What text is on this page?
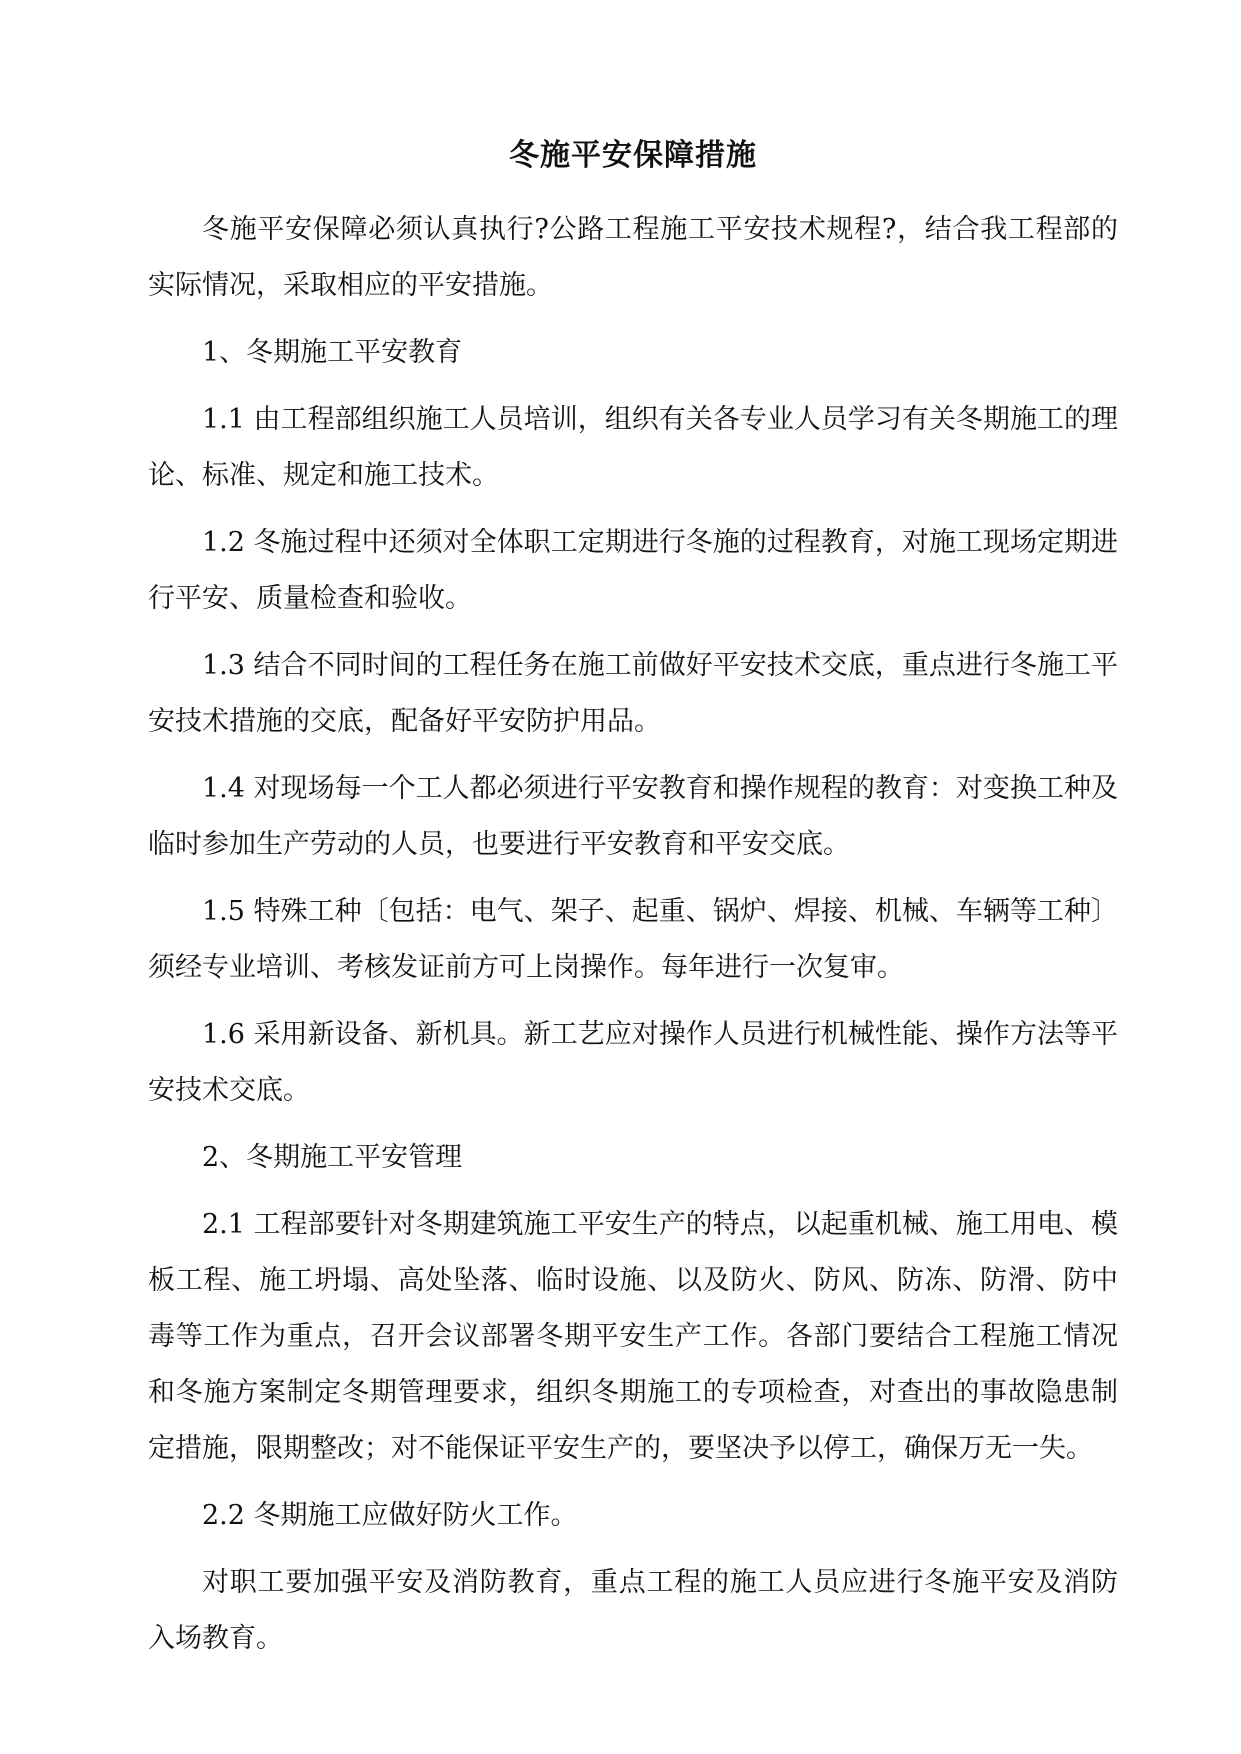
冬施平安保障措施

冬施平安保障必须认真执行?公路工程施工平安技术规程?，结合我工程部的实际情况，采取相应的平安措施。

1、冬期施工平安教育

1.1 由工程部组织施工人员培训，组织有关各专业人员学习有关冬期施工的理论、标准、规定和施工技术。

1.2 冬施过程中还须对全体职工定期进行冬施的过程教育，对施工现场定期进行平安、质量检查和验收。

1.3 结合不同时间的工程任务在施工前做好平安技术交底，重点进行冬施工平安技术措施的交底，配备好平安防护用品。

1.4 对现场每一个工人都必须进行平安教育和操作规程的教育：对变换工种及临时参加生产劳动的人员，也要进行平安教育和平安交底。

1.5 特殊工种〔包括：电气、架子、起重、锅炉、焊接、机械、车辆等工种〕须经专业培训、考核发证前方可上岗操作。每年进行一次复审。

1.6 采用新设备、新机具。新工艺应对操作人员进行机械性能、操作方法等平安技术交底。

2、冬期施工平安管理

2.1 工程部要针对冬期建筑施工平安生产的特点，以起重机械、施工用电、模板工程、施工坍塌、高处坠落、临时设施、以及防火、防风、防冻、防滑、防中毒等工作为重点，召开会议部署冬期平安生产工作。各部门要结合工程施工情况和冬施方案制定冬期管理要求，组织冬期施工的专项检查，对查出的事故隐患制定措施，限期整改；对不能保证平安生产的，要坚决予以停工，确保万无一失。

2.2 冬期施工应做好防火工作。

对职工要加强平安及消防教育，重点工程的施工人员应进行冬施平安及消防入场教育。
